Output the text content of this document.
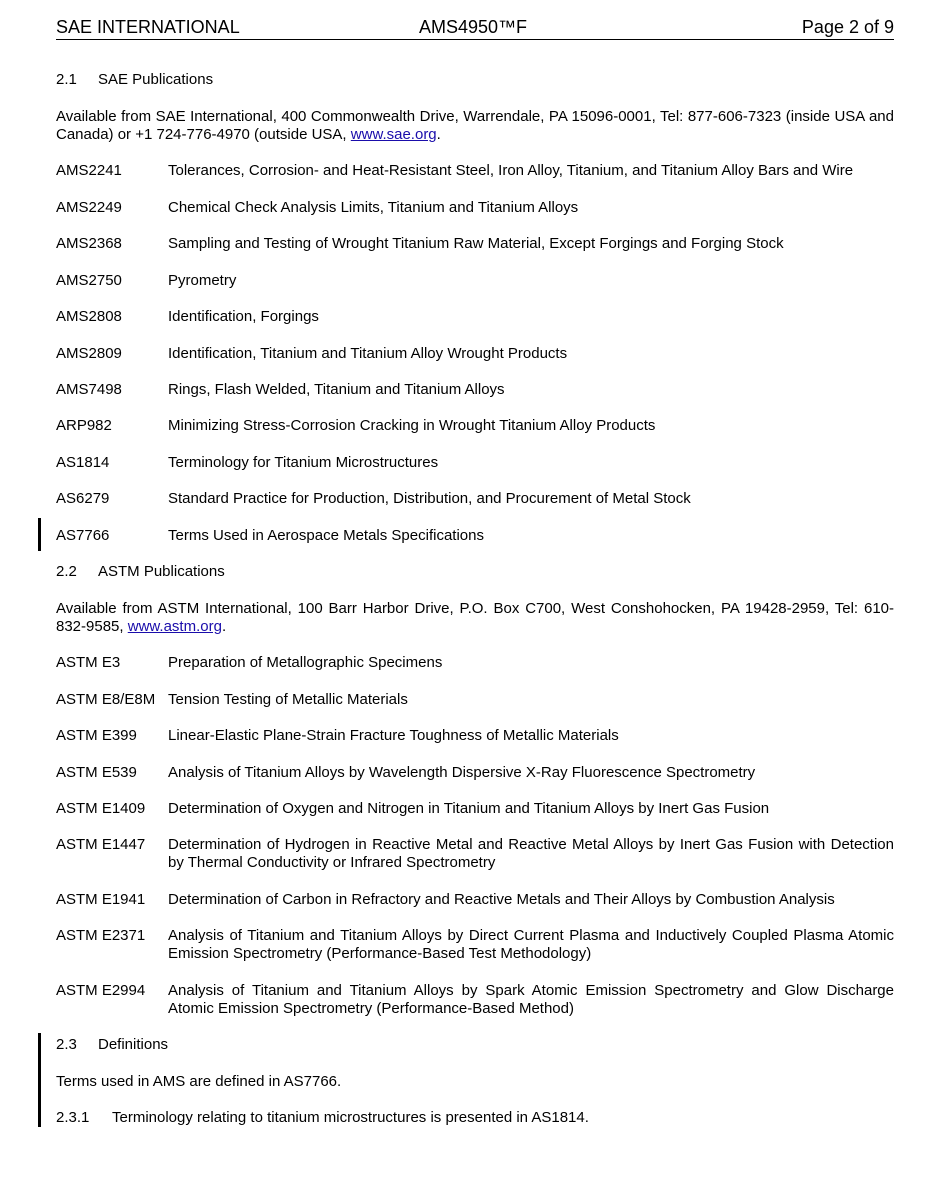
SAE INTERNATIONAL	AMS4950™F	Page 2 of 9
2.1 SAE Publications
Available from SAE International, 400 Commonwealth Drive, Warrendale, PA 15096-0001, Tel: 877-606-7323 (inside USA and Canada) or +1 724-776-4970 (outside USA, www.sae.org.
AMS2241	Tolerances, Corrosion- and Heat-Resistant Steel, Iron Alloy, Titanium, and Titanium Alloy Bars and Wire
AMS2249	Chemical Check Analysis Limits, Titanium and Titanium Alloys
AMS2368	Sampling and Testing of Wrought Titanium Raw Material, Except Forgings and Forging Stock
AMS2750	Pyrometry
AMS2808	Identification, Forgings
AMS2809	Identification, Titanium and Titanium Alloy Wrought Products
AMS7498	Rings, Flash Welded, Titanium and Titanium Alloys
ARP982	Minimizing Stress-Corrosion Cracking in Wrought Titanium Alloy Products
AS1814	Terminology for Titanium Microstructures
AS6279	Standard Practice for Production, Distribution, and Procurement of Metal Stock
AS7766	Terms Used in Aerospace Metals Specifications
2.2 ASTM Publications
Available from ASTM International, 100 Barr Harbor Drive, P.O. Box C700, West Conshohocken, PA 19428-2959, Tel: 610-832-9585, www.astm.org.
ASTM E3	Preparation of Metallographic Specimens
ASTM E8/E8M Tension Testing of Metallic Materials
ASTM E399	Linear-Elastic Plane-Strain Fracture Toughness of Metallic Materials
ASTM E539	Analysis of Titanium Alloys by Wavelength Dispersive X-Ray Fluorescence Spectrometry
ASTM E1409	Determination of Oxygen and Nitrogen in Titanium and Titanium Alloys by Inert Gas Fusion
ASTM E1447	Determination of Hydrogen in Reactive Metal and Reactive Metal Alloys by Inert Gas Fusion with Detection by Thermal Conductivity or Infrared Spectrometry
ASTM E1941	Determination of Carbon in Refractory and Reactive Metals and Their Alloys by Combustion Analysis
ASTM E2371	Analysis of Titanium and Titanium Alloys by Direct Current Plasma and Inductively Coupled Plasma Atomic Emission Spectrometry (Performance-Based Test Methodology)
ASTM E2994	Analysis of Titanium and Titanium Alloys by Spark Atomic Emission Spectrometry and Glow Discharge Atomic Emission Spectrometry (Performance-Based Method)
2.3 Definitions
Terms used in AMS are defined in AS7766.
2.3.1 Terminology relating to titanium microstructures is presented in AS1814.
